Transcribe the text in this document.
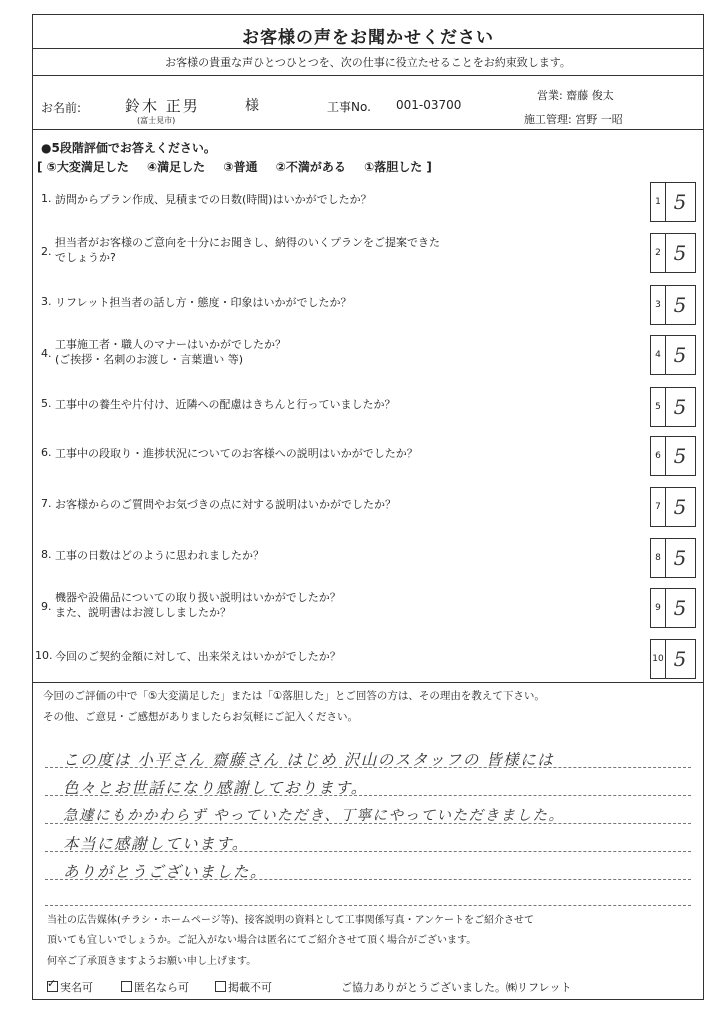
お客様の声をお聞かせください
お客様の貴重な声ひとつひとつを、次の仕事に役立たせることをお約束致します。
お名前:	鈴木 正男	様
(富士見市)
工事No. 001-03700
営業: 齋藤 俊太
施工管理: 宮野 一昭
●5段階評価でお答えください。
[ ⑤大変満足した ④満足した ③普通 ②不満がある ①落胆した ]
1. 訪問からプラン作成、見積までの日数(時間)はいかがでしたか？	1 5
2.
担当者がお客様のご意向を十分にお聞きし、納得のいくプランをご提案できた
でしょうか?	2 5
3. リフレット担当者の話し方・態度・印象はいかがでしたか？	3 5
4.
工事施工者・職人のマナーはいかがでしたか？
(ご挨拶・名刺のお渡し・言葉遣い 等)	4 5
5. 工事中の養生や片付け、近隣への配慮はきちんと行っていましたか？	5 5
6. 工事中の段取り・進捗状況についてのお客様への説明はいかがでしたか？	6 5
7. お客様からのご質問やお気づきの点に対する説明はいかがでしたか？	7 5
8. 工事の日数はどのように思われましたか？	8 5
9.
機器や設備品についての取り扱い説明はいかがでしたか？
また、説明書はお渡ししましたか？	9 5
10. 今回のご契約金額に対して、出来栄えはいかがでしたか？	10 5
今回のご評価の中で「⑤大変満足した」または「①落胆した」とご回答の方は、その理由を教えて下さい。
その他、ご意見・ご感想がありましたらお気軽にご記入ください。
この度は 小平さん 齋藤さん はじめ 沢山のスタッフの 皆様には
色々とお世話になり感謝しております。
急遽にもかかわらず やっていただき、丁寧にやっていただきました。
本当に感謝しています。
ありがとうございました。
当社の広告媒体(チラシ・ホームページ等)、接客説明の資料として工事関係写真・アンケートをご紹介させて
頂いても宜しいでしょうか。ご記入がない場合は匿名にてご紹介させて頂く場合がございます。
何卒ご了承頂きますようお願い申し上げます。
✓実名可	匿名なら可	掲載不可	ご協力ありがとうございました。㈱リフレット
